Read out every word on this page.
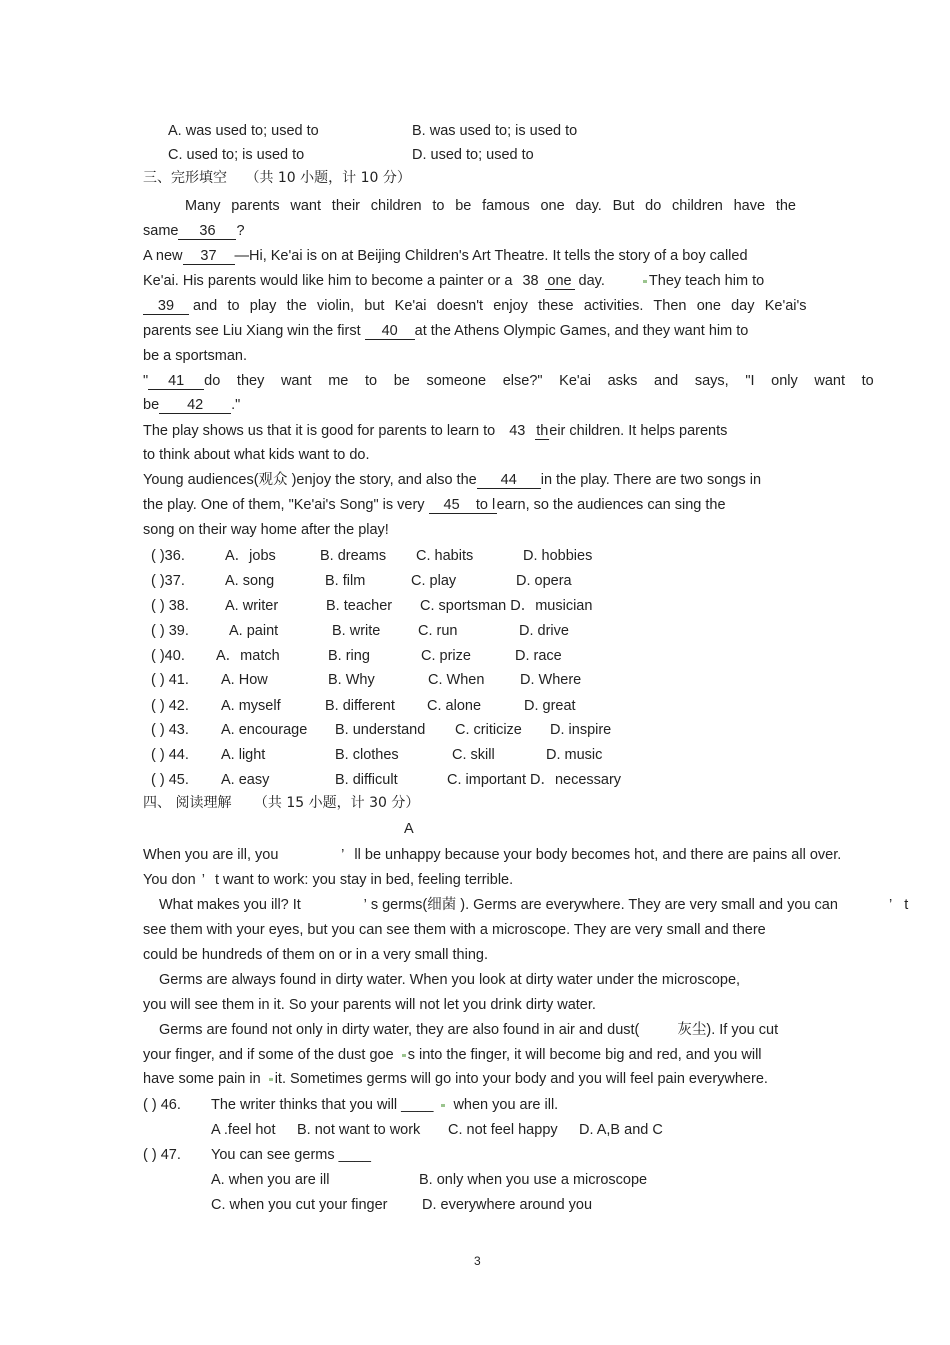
A. was used to; used to	B. was used to; is used to
C. used to; is used to	D. used to; used to
三、完形填空 （共 10 小题，计 10 分）
Many parents want their children to be famous one day. But do children have the
same 36 ?
A new 37 —Hi, Ke'ai is on at Beijing Children's Art Theatre. It tells the story of a boy called
Ke'ai. His parents would like him to become a painter or a 38 one day.	They teach him to
39 and to play the violin, but Ke'ai doesn't enjoy these activities. Then one day Ke'ai's
parents see Liu Xiang win the first 40 at the Athens Olympic Games, and they want him to
be a sportsman.
" 41 do they want me to be someone else?" Ke'ai asks and says, "I only want to
be 42 ."
The play shows us that it is good for parents to learn to 43 their children. It helps parents
to think about what kids want to do.
Young audiences(观众 )enjoy the story, and also the 44 in the play. There are two songs in
the play. One of them, "Ke'ai's Song" is very 45 to learn, so the audiences can sing the
song on their way home after the play!
( )36.	A．jobs	B. dreams C. habits	D. hobbies
( )37.	A. song	B. film	C. play	D. opera
( ) 38. A. writer	B. teacher C. sportsman D．musician
( ) 39.	A. paint	B. write	C. run	D. drive
( )40. A．match	B. ring	C. prize	D. race
( ) 41. A. How	B. Why	C. When D. Where
( ) 42. A. myself	B. different C. alone	D. great
( ) 43. A. encourage B. understand C. criticize D. inspire
( ) 44. A. light	B. clothes	C. skill	D. music
( ) 45. A. easy	B. difficult	C. important D．necessary
四、 阅读理解 （共 15 小题，计 30 分）
A
When you are ill, you	’ ll be unhappy because your body becomes hot, and there are pains all over.
You don ’ t want to work: you stay in bed, feeling terrible.
What makes you ill? It	’ s germs(细菌 ). Germs are everywhere. They are very small and you can	’ t
see them with your eyes, but you can see them with a microscope. They are very small and there
could be hundreds of them on or in a very small thing.
Germs are always found in dirty water. When you look at dirty water under the microscope,
you will see them in it. So your parents will not let you drink dirty water.
Germs are found not only in dirty water, they are also found in air and dust(	灰尘). If you cut
your finger, and if some of the dust goe s into the finger, it will become big and red, and you will
have some pain in it. Sometimes germs will go into your body and you will feel pain everywhere.
( ) 46. The writer thinks that you will ____ when you are ill.
A .feel hot B. not want to work C. not feel happy D. A,B and C
( ) 47. You can see germs ____
A. when you are ill	B. only when you use a microscope
C. when you cut your finger D. everywhere around you
3
